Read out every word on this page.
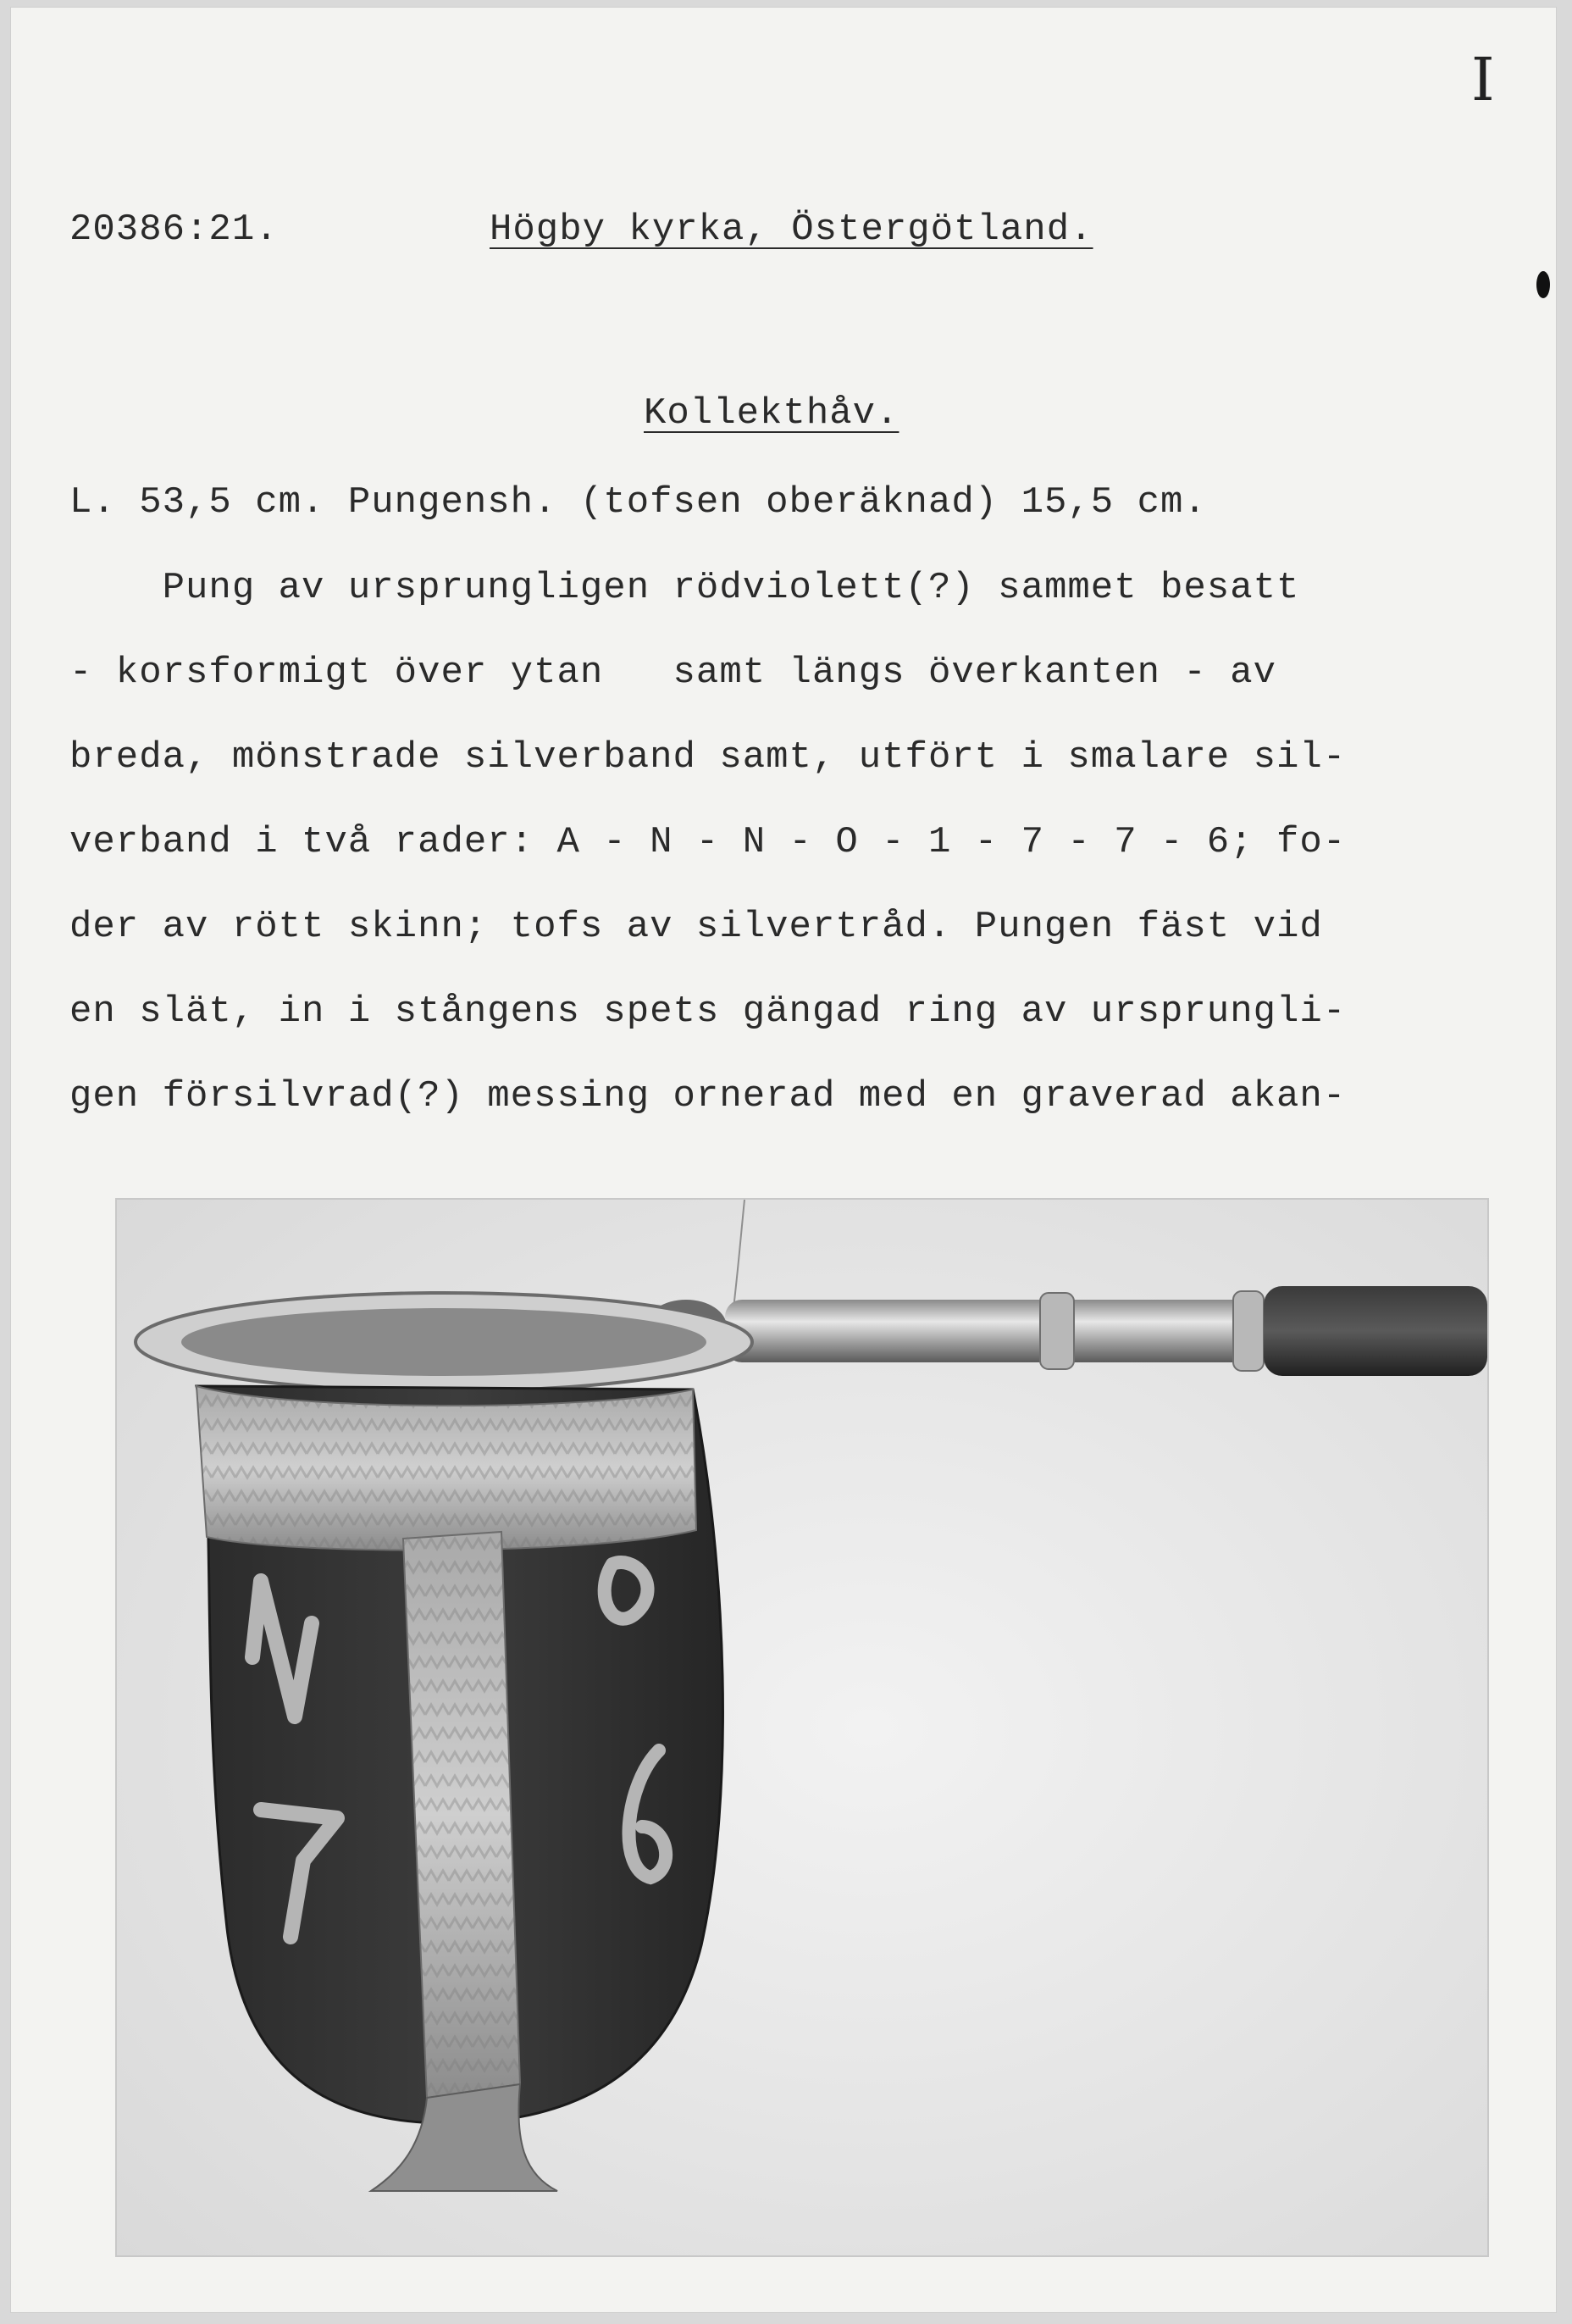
I
20386:21.	Högby kyrka, Östergötland.
Kollekthåv.
L. 53,5 cm. Pungensh. (tofsen oberäknad) 15,5 cm.
Pung av ursprungligen rödviolett(?) sammet besatt
- korsformigt över ytan   samt längs överkanten - av
breda, mönstrade silverband samt, utfört i smalare sil-
verband i två rader: A - N - N - O - 1 - 7 - 7 - 6; fo-
der av rött skinn; tofs av silvertråd. Pungen fäst vid
en slät, in i stångens spets gängad ring av ursprungli-
gen försilvrad(?) messing ornerad med en graverad akan-
